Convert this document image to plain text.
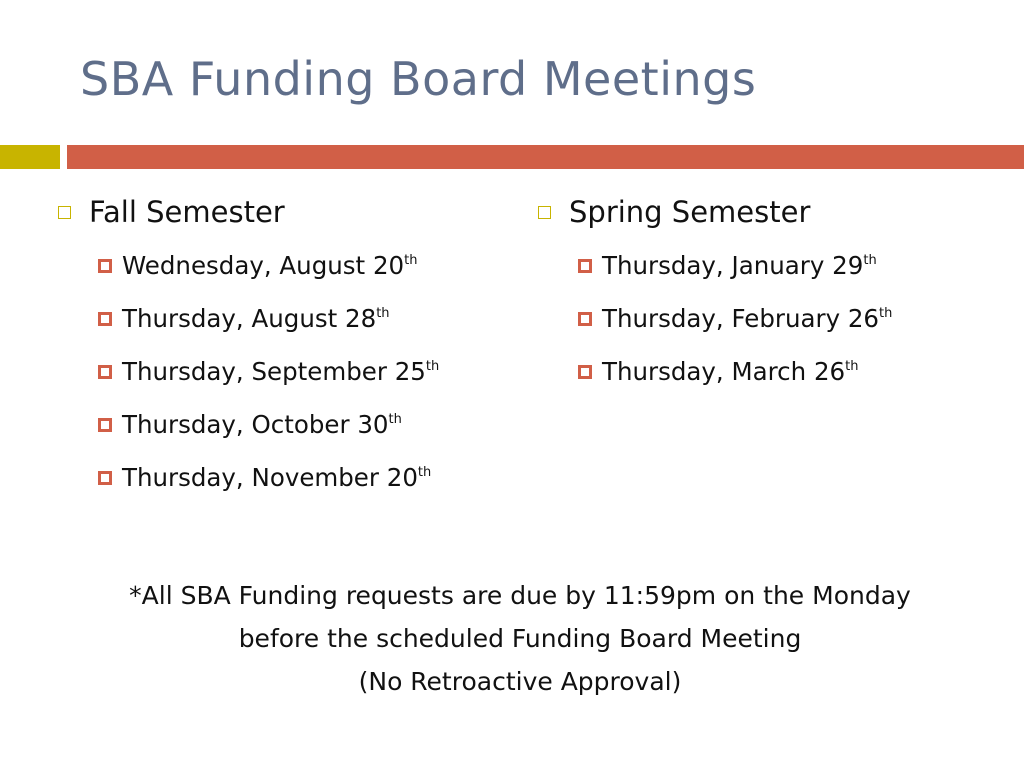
SBA Funding Board Meetings
Fall Semester
Wednesday, August 20th
Thursday, August 28th
Thursday, September 25th
Thursday, October 30th
Thursday, November 20th
Spring Semester
Thursday, January 29th
Thursday, February 26th
Thursday, March 26th
*All SBA Funding requests are due by 11:59pm on the Monday
before the scheduled Funding Board Meeting
(No Retroactive Approval)
